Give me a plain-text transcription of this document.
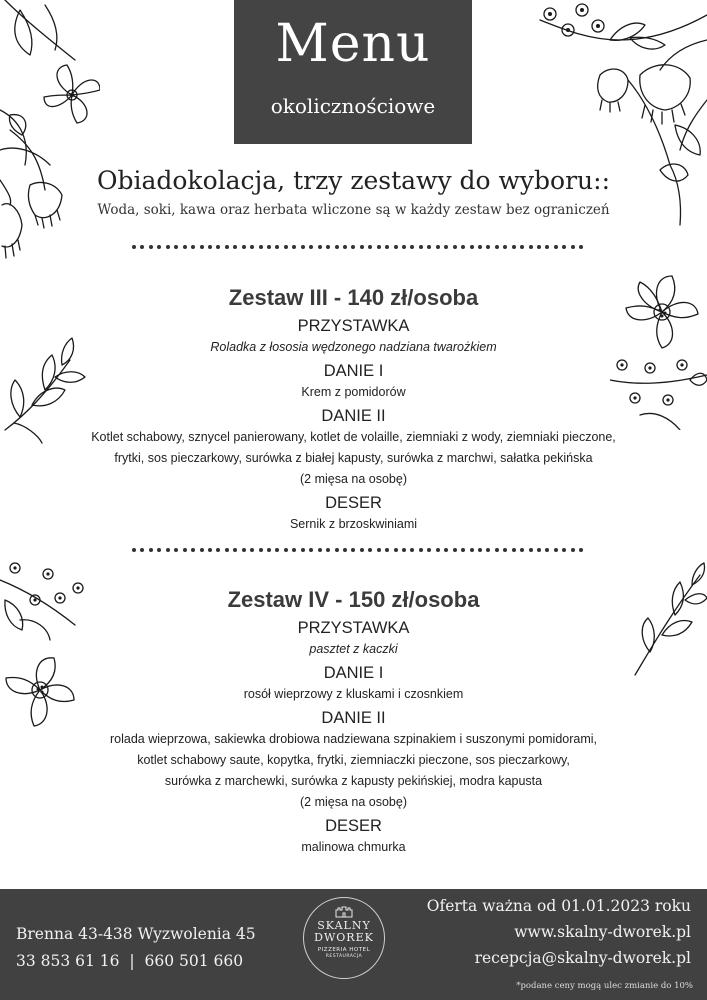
Menu
okolicznościowe
Obiadokolacja, trzy zestawy do wyboru::
Woda, soki, kawa oraz herbata wliczone są w każdy zestaw bez ograniczeń
Zestaw III - 140 zł/osoba
PRZYSTAWKA
Roladka z łososia wędzonego nadziana twarożkiem
DANIE I
Krem z pomidorów
DANIE II
Kotlet schabowy, sznycel panierowany, kotlet de volaille, ziemniaki z wody, ziemniaki pieczone,
frytki, sos pieczarkowy, surówka z białej kapusty, surówka z marchwi, sałatka pekińska
(2 mięsa na osobę)
DESER
Sernik z brzoskwiniami
Zestaw IV - 150 zł/osoba
PRZYSTAWKA
pasztet z kaczki
DANIE I
rosół wieprzowy z kluskami i czosnkiem
DANIE II
rolada wieprzowa, sakiewka drobiowa nadziewana szpinakiem i suszonymi pomidorami,
kotlet schabowy saute, kopytka, frytki, ziemniaczki pieczone, sos pieczarkowy,
surówka z marchewki, surówka z kapusty pekińskiej, modra kapusta
(2 mięsa na osobę)
DESER
malinowa chmurka
Brenna 43-438 Wyzwolenia 45
33 853 61 16  |  660 501 660
SKALNY
DWOREK
PIZZERIA HOTEL
RESTAURACJA
Oferta ważna od 01.01.2023 roku
www.skalny-dworek.pl
recepcja@skalny-dworek.pl
*podane ceny mogą ulec zmianie do 10%
